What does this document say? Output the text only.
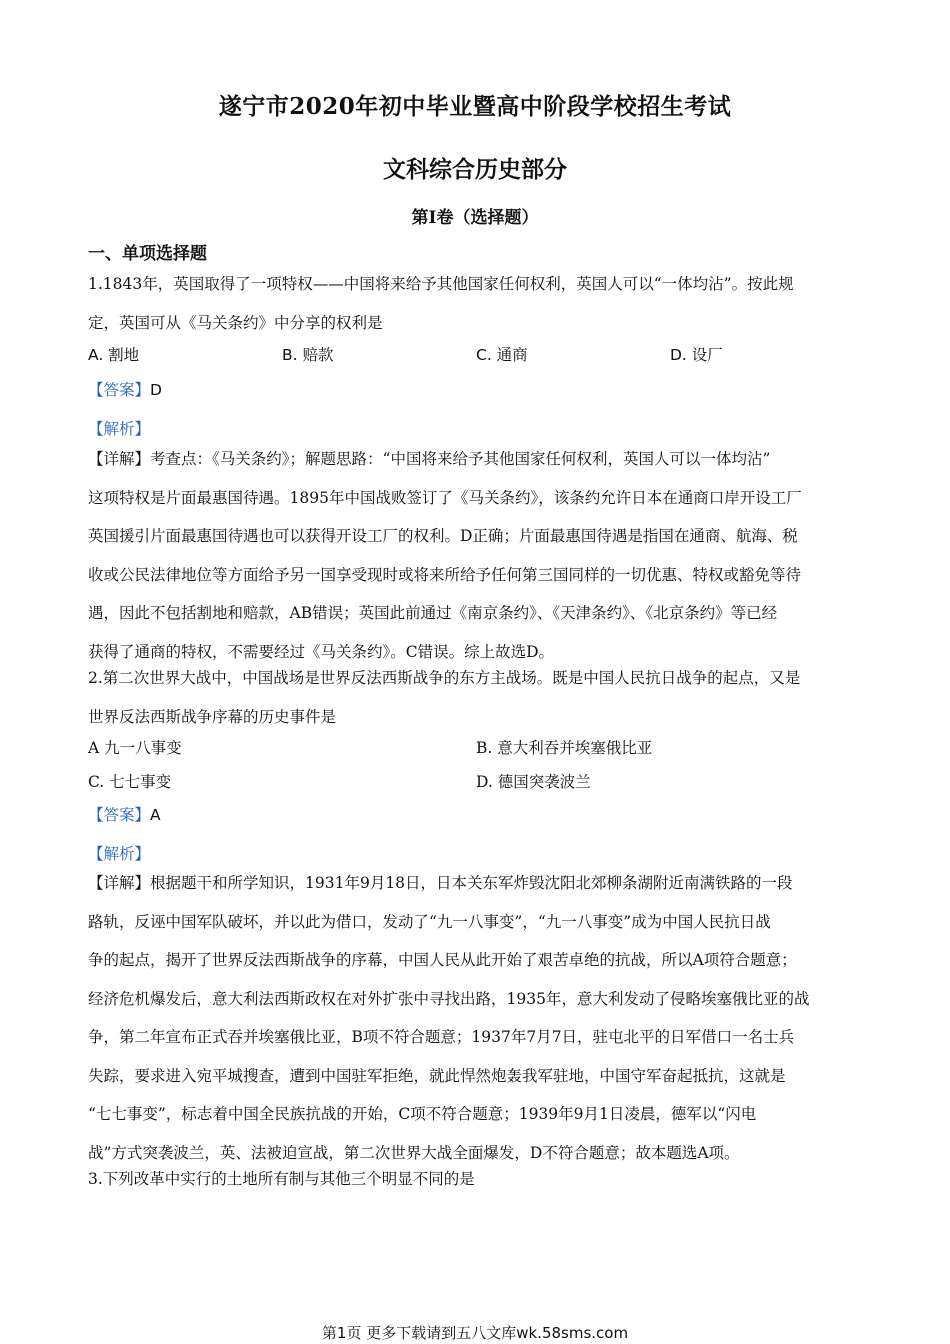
遂宁市2020年初中毕业暨高中阶段学校招生考试
文科综合历史部分
第Ⅰ卷（选择题）
一、单项选择题
1.1843年，英国取得了一项特权——中国将来给予其他国家任何权利，英国人可以“一体均沾”。按此规
定，英国可从《马关条约》中分享的权利是
A. 割地	B. 赔款	C. 通商	D. 设厂
【答案】D
【解析】
【详解】考查点：《马关条约》；解题思路：“中国将来给予其他国家任何权利，英国人可以一体均沾”
这项特权是片面最惠国待遇。1895年中国战败签订了《马关条约》，该条约允许日本在通商口岸开设工厂
英国援引片面最惠国待遇也可以获得开设工厂的权利。D正确；片面最惠国待遇是指国在通商、航海、税
收或公民法律地位等方面给予另一国享受现时或将来所给予任何第三国同样的一切优惠、特权或豁免等待
遇，因此不包括割地和赔款，AB错误；英国此前通过《南京条约》、《天津条约》、《北京条约》等已经
获得了通商的特权，不需要经过《马关条约》。C错误。综上故选D。
2.第二次世界大战中，中国战场是世界反法西斯战争的东方主战场。既是中国人民抗日战争的起点，又是
世界反法西斯战争序幕的历史事件是
A 九一八事变	B. 意大利吞并埃塞俄比亚
C. 七七事变	D. 德国突袭波兰
【答案】A
【解析】
【详解】根据题干和所学知识，1931年9月18日，日本关东军炸毁沈阳北郊柳条湖附近南满铁路的一段
路轨，反诬中国军队破坏，并以此为借口，发动了“九一八事变”，“九一八事变”成为中国人民抗日战
争的起点，揭开了世界反法西斯战争的序幕，中国人民从此开始了艰苦卓绝的抗战，所以A项符合题意；
经济危机爆发后，意大利法西斯政权在对外扩张中寻找出路，1935年，意大利发动了侵略埃塞俄比亚的战
争，第二年宣布正式吞并埃塞俄比亚，B项不符合题意；1937年7月7日，驻屯北平的日军借口一名士兵
失踪，要求进入宛平城搜查，遭到中国驻军拒绝，就此悍然炮轰我军驻地，中国守军奋起抵抗，这就是
“七七事变”，标志着中国全民族抗战的开始，C项不符合题意；1939年9月1日凌晨，德军以“闪电
战”方式突袭波兰，英、法被迫宣战，第二次世界大战全面爆发，D不符合题意；故本题选A项。
3.下列改革中实行的土地所有制与其他三个明显不同的是
第1页 更多下载请到五八文库wk.58sms.com
